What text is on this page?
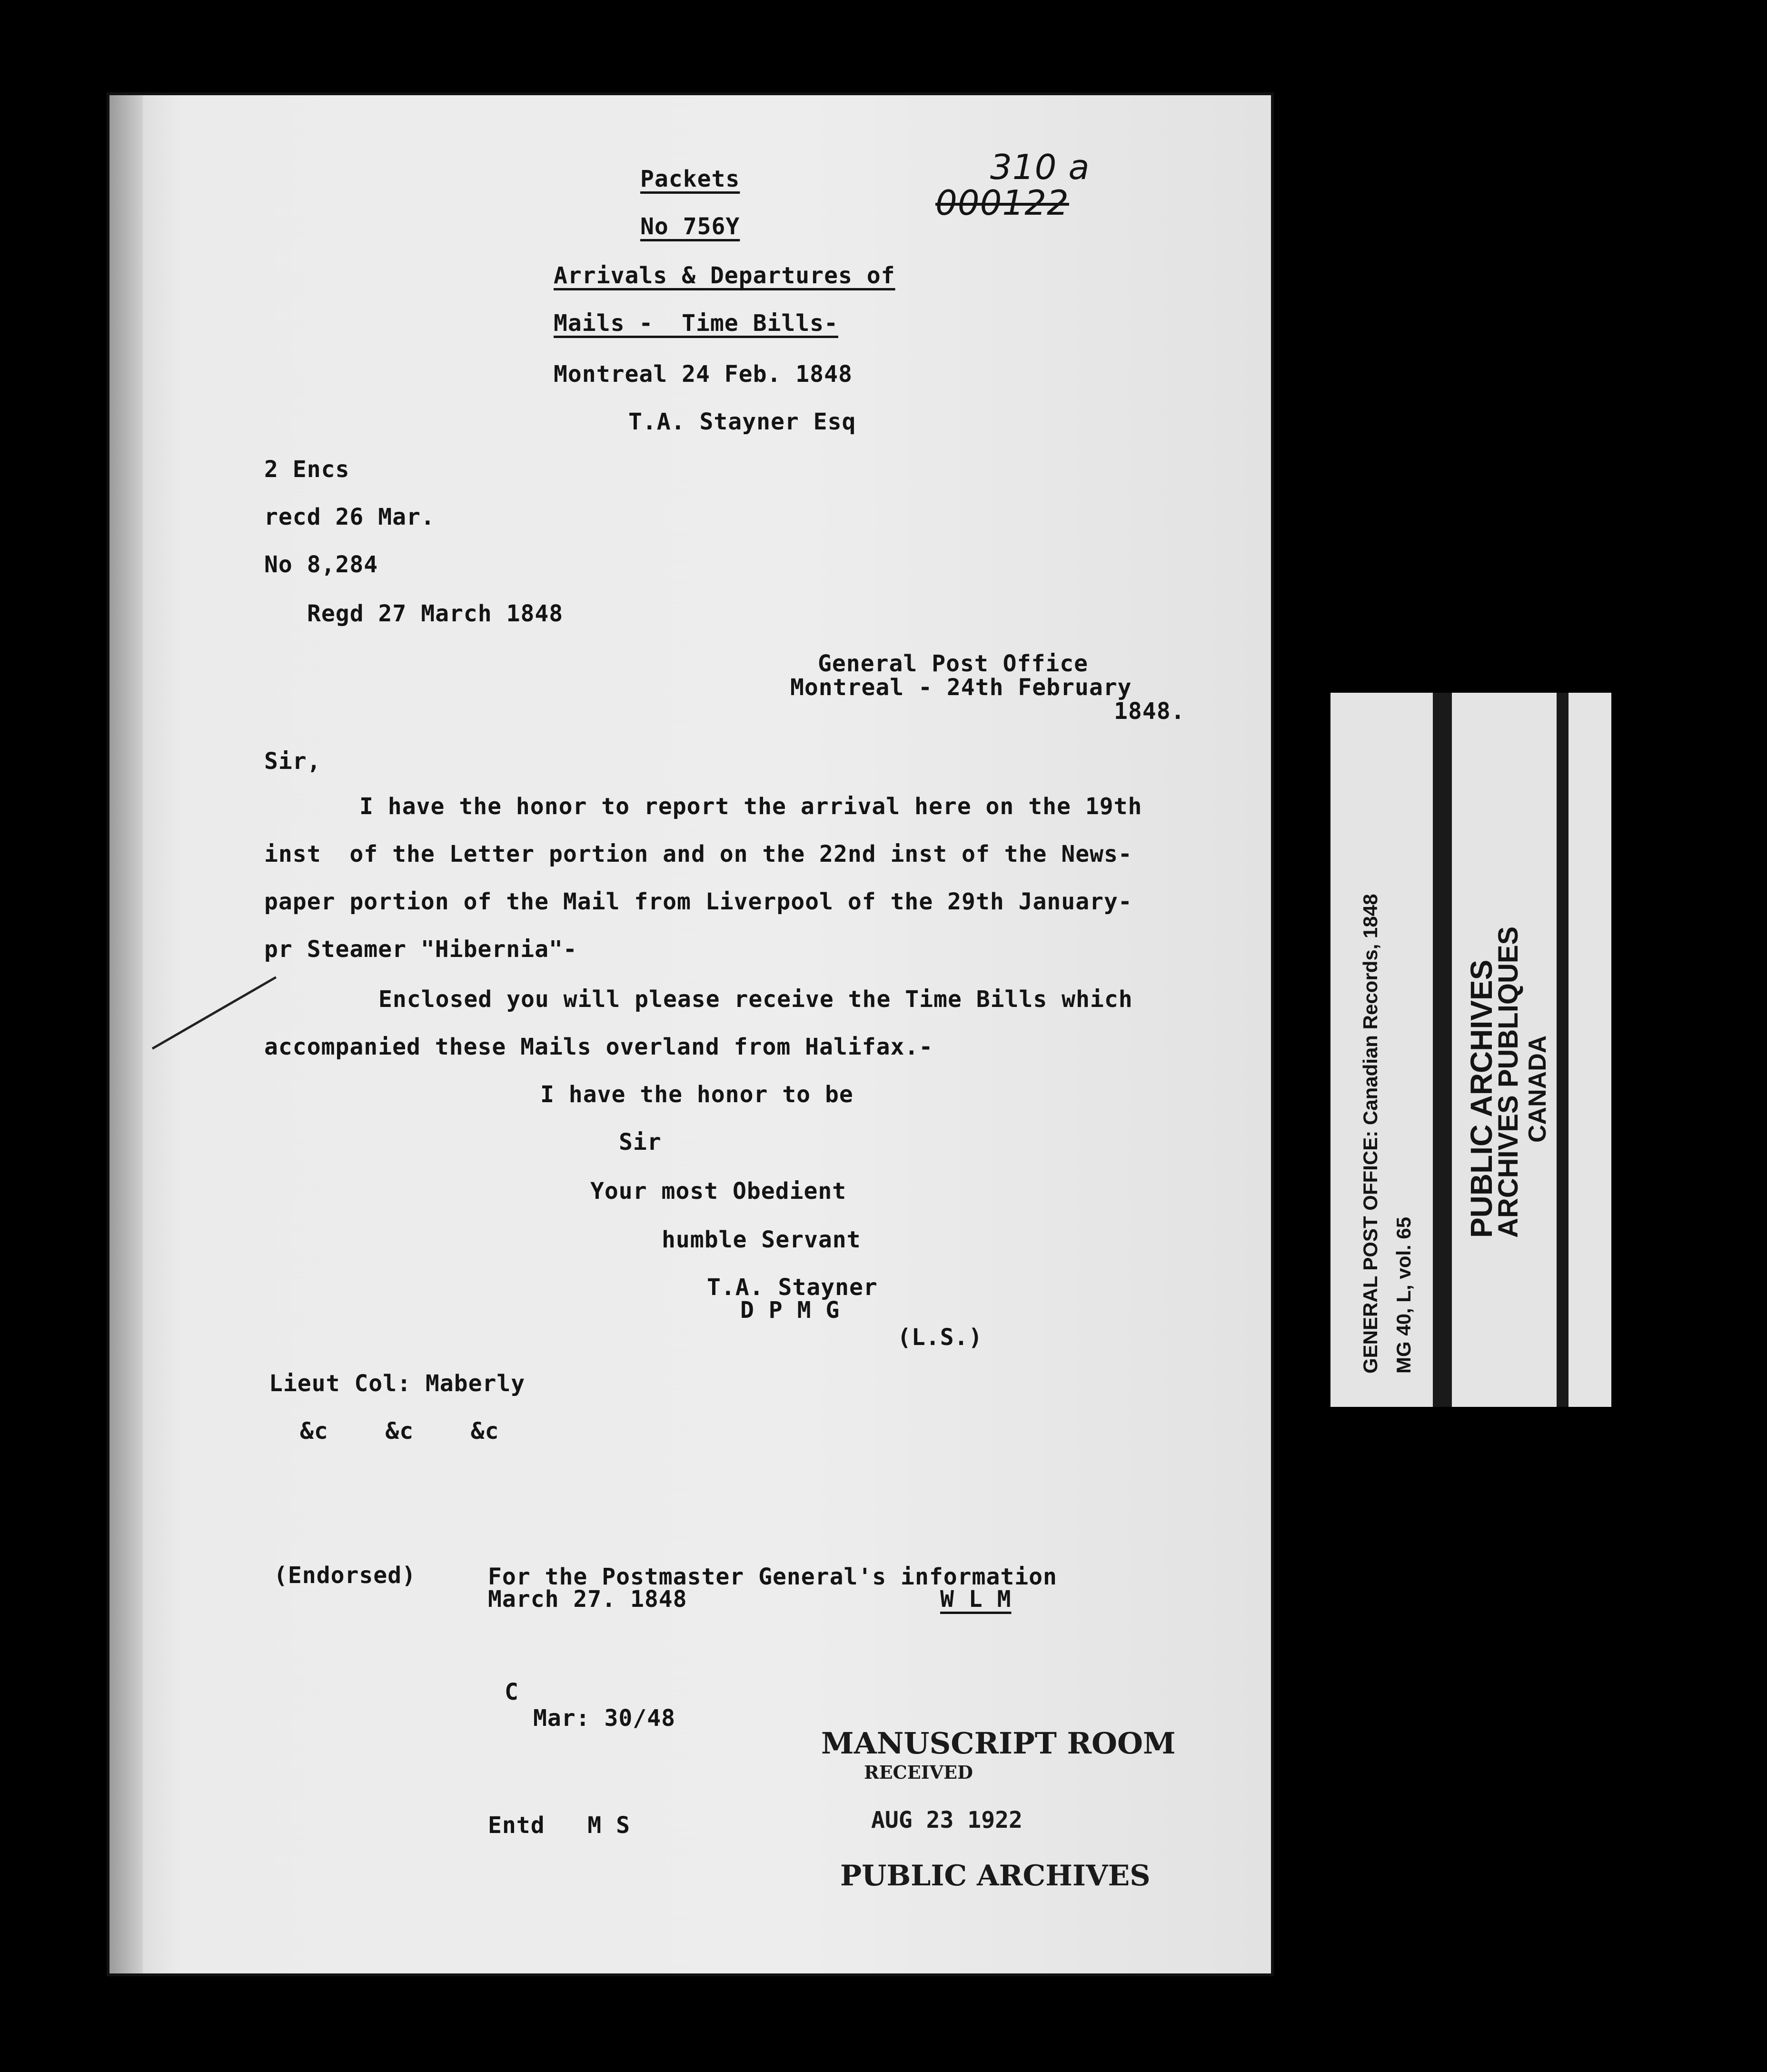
Packets
No 756Y
Arrivals & Departures of
Mails -  Time Bills-
Montreal 24 Feb. 1848
T.A. Stayner Esq
310 a
000122
2 Encs
recd 26 Mar.
No 8,284
Regd 27 March 1848
General Post Office
Montreal - 24th February
1848.
Sir,
I have the honor to report the arrival here on the 19th
inst  of the Letter portion and on the 22nd inst of the News-
paper portion of the Mail from Liverpool of the 29th January-
pr Steamer "Hibernia"-
Enclosed you will please receive the Time Bills which
accompanied these Mails overland from Halifax.-
I have the honor to be
Sir
Your most Obedient
humble Servant
T.A. Stayner
D P M G
(L.S.)
Lieut Col: Maberly
&c    &c    &c
(Endorsed)	For the Postmaster General's information
March 27. 1848	W L M
C
Mar: 30/48
Entd   M S
MANUSCRIPT ROOM
RECEIVED
AUG 23 1922
PUBLIC ARCHIVES
GENERAL POST OFFICE: Canadian Records, 1848 MG 40, L, vol. 65
PUBLIC ARCHIVES
ARCHIVES PUBLIQUES CANADA
